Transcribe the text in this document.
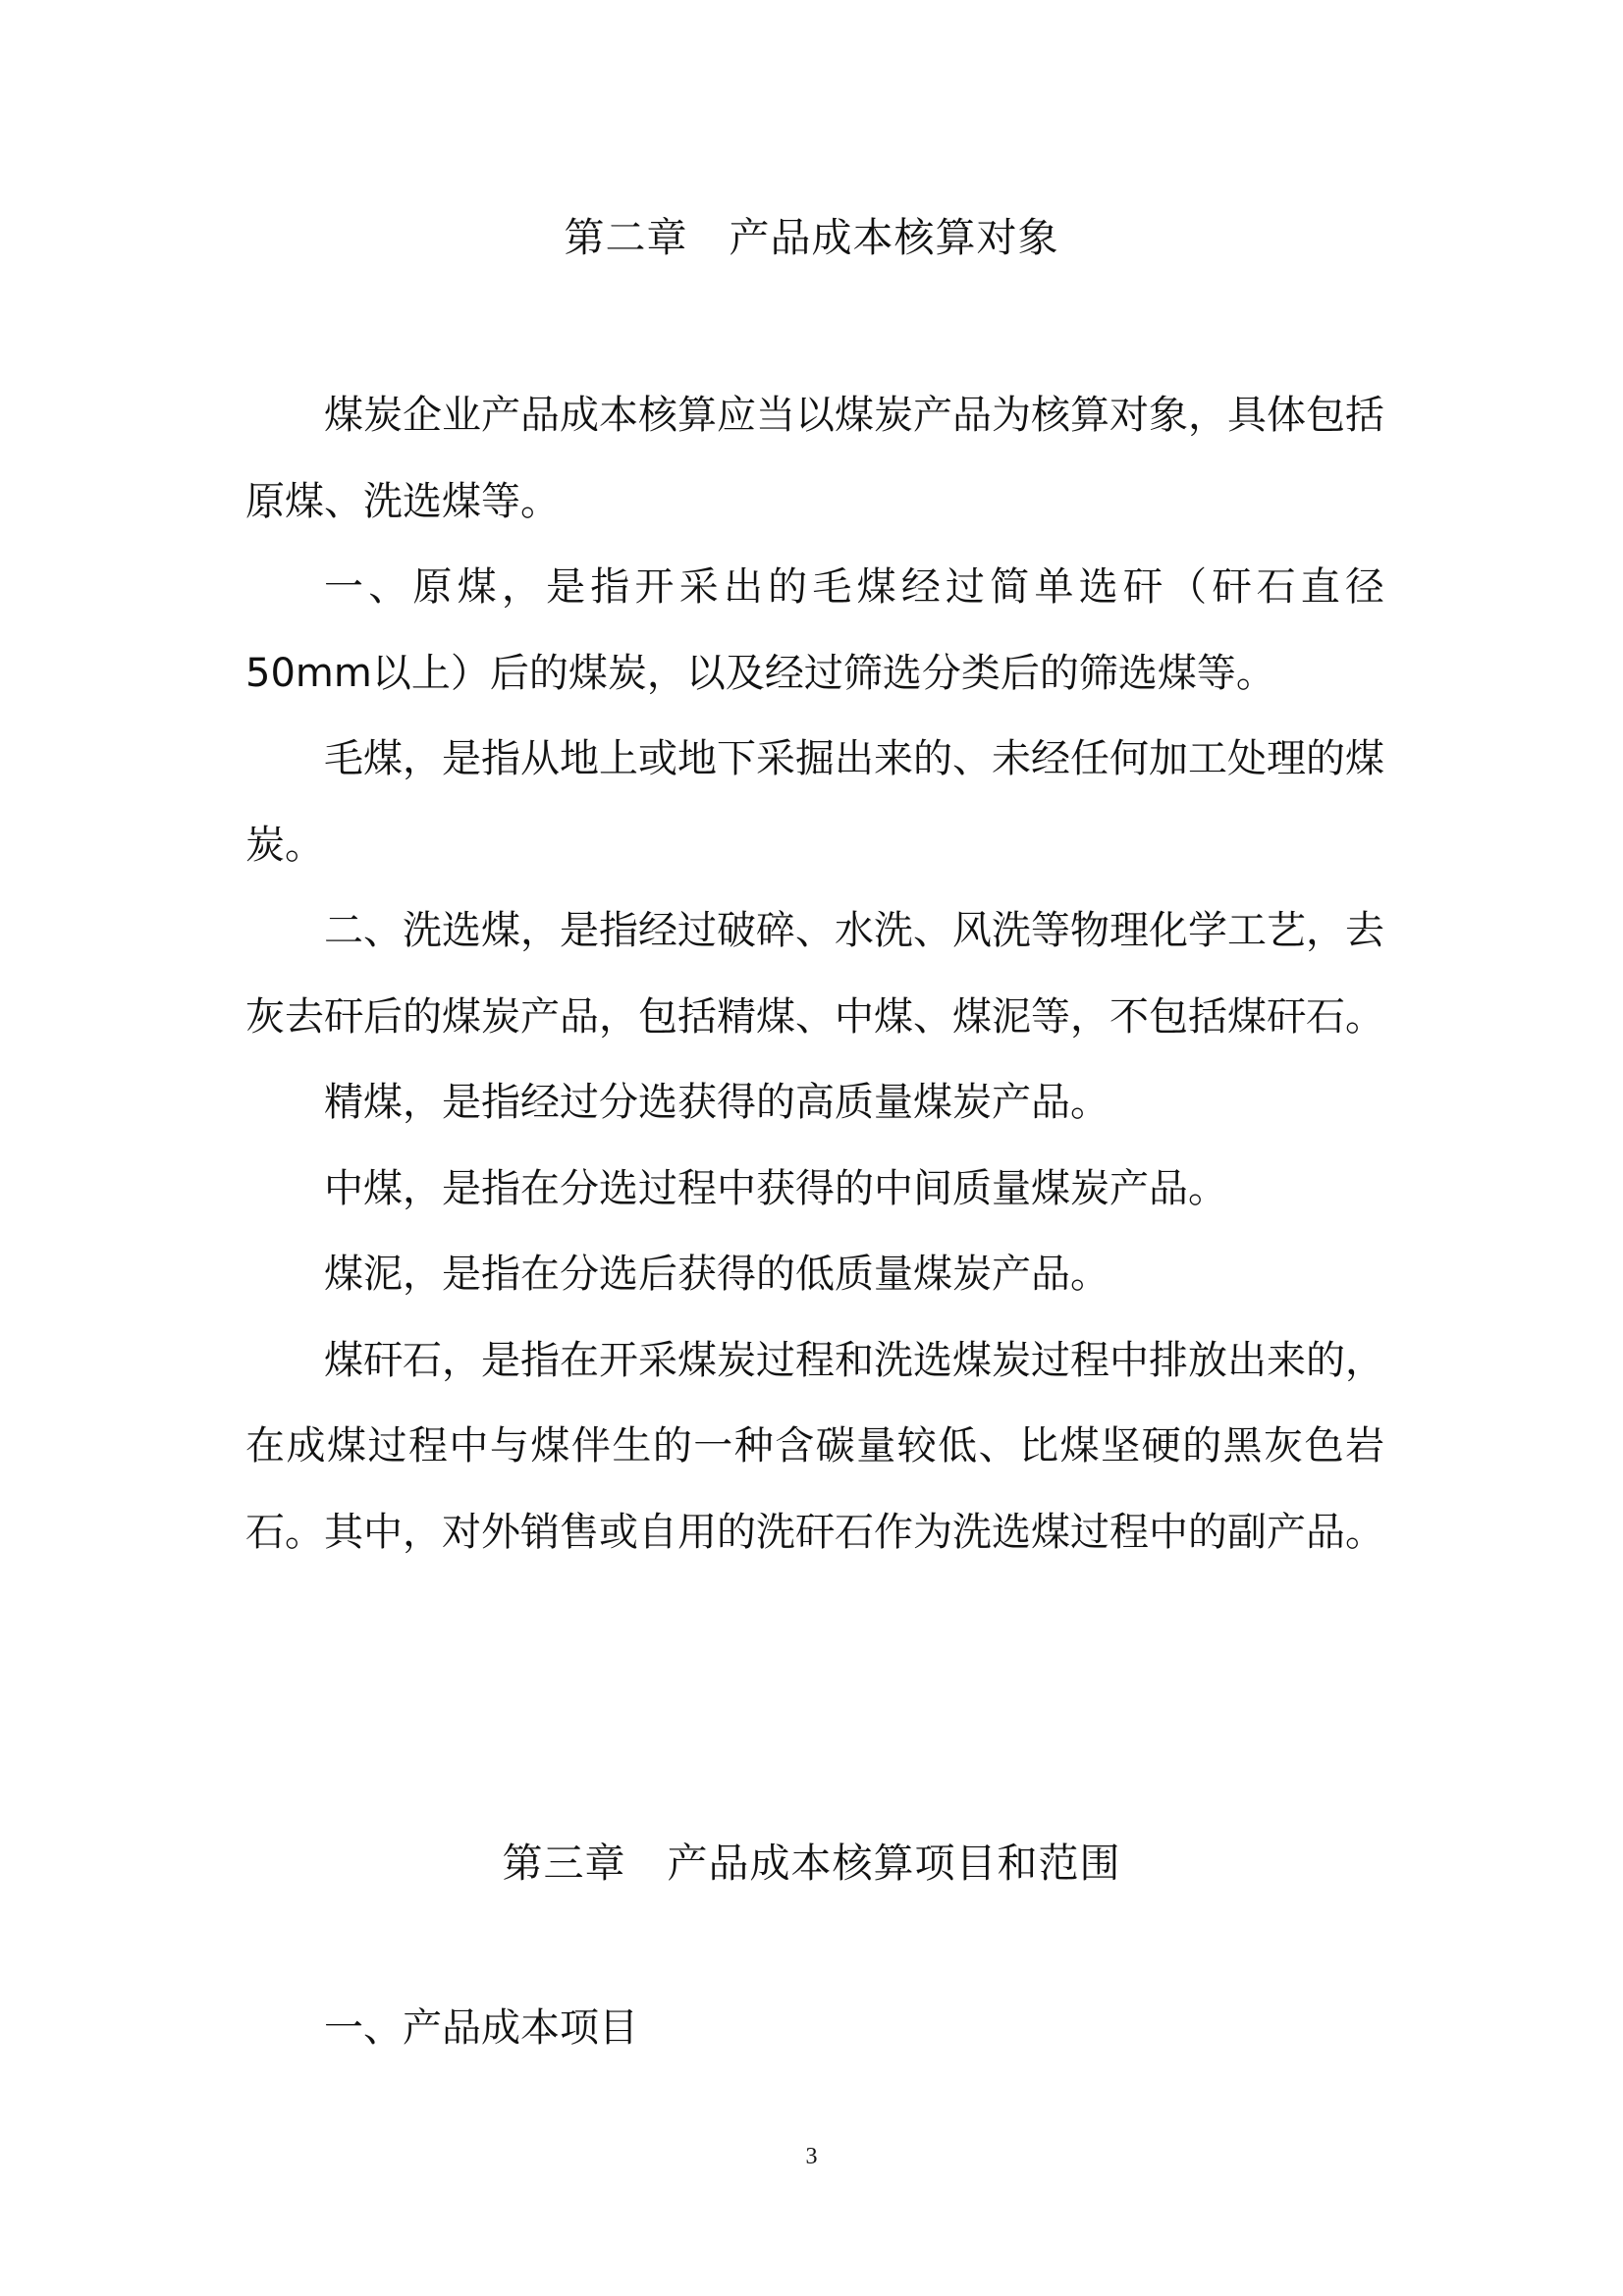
第二章　产品成本核算对象

煤炭企业产品成本核算应当以煤炭产品为核算对象，具体包括原煤、洗选煤等。

一、原煤，是指开采出的毛煤经过简单选矸（矸石直径50mm以上）后的煤炭，以及经过筛选分类后的筛选煤等。

毛煤，是指从地上或地下采掘出来的、未经任何加工处理的煤炭。

二、洗选煤，是指经过破碎、水洗、风洗等物理化学工艺，去灰去矸后的煤炭产品，包括精煤、中煤、煤泥等，不包括煤矸石。

精煤，是指经过分选获得的高质量煤炭产品。

中煤，是指在分选过程中获得的中间质量煤炭产品。

煤泥，是指在分选后获得的低质量煤炭产品。

煤矸石，是指在开采煤炭过程和洗选煤炭过程中排放出来的，在成煤过程中与煤伴生的一种含碳量较低、比煤坚硬的黑灰色岩石。其中，对外销售或自用的洗矸石作为洗选煤过程中的副产品。

第三章　产品成本核算项目和范围
一、产品成本项目
3
